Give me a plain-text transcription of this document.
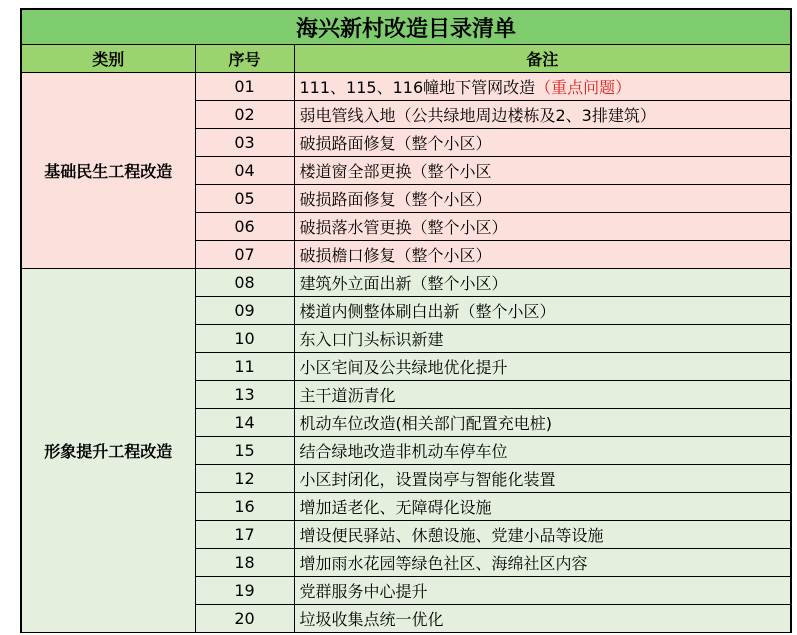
海兴新村改造目录清单		
类别	序号	备注
基础民生工程改造	01	111、115、116幢地下管网改造（重点问题）
	02	弱电管线入地（公共绿地周边楼栋及2、3排建筑）
	03	破损路面修复（整个小区）
	04	楼道窗全部更换（整个小区
	05	破损路面修复（整个小区）
	06	破损落水管更换（整个小区）
	07	破损檐口修复（整个小区）
形象提升工程改造	08	建筑外立面出新（整个小区）
	09	楼道内侧整体刷白出新（整个小区）
	10	东入口门头标识新建
	11	小区宅间及公共绿地优化提升
	13	主干道沥青化
	14	机动车位改造(相关部门配置充电桩)
	15	结合绿地改造非机动车停车位
	12	小区封闭化，设置岗亭与智能化装置
	16	增加适老化、无障碍化设施
	17	增设便民驿站、休憩设施、党建小品等设施
	18	增加雨水花园等绿色社区、海绵社区内容
	19	党群服务中心提升
	20	垃圾收集点统一优化
